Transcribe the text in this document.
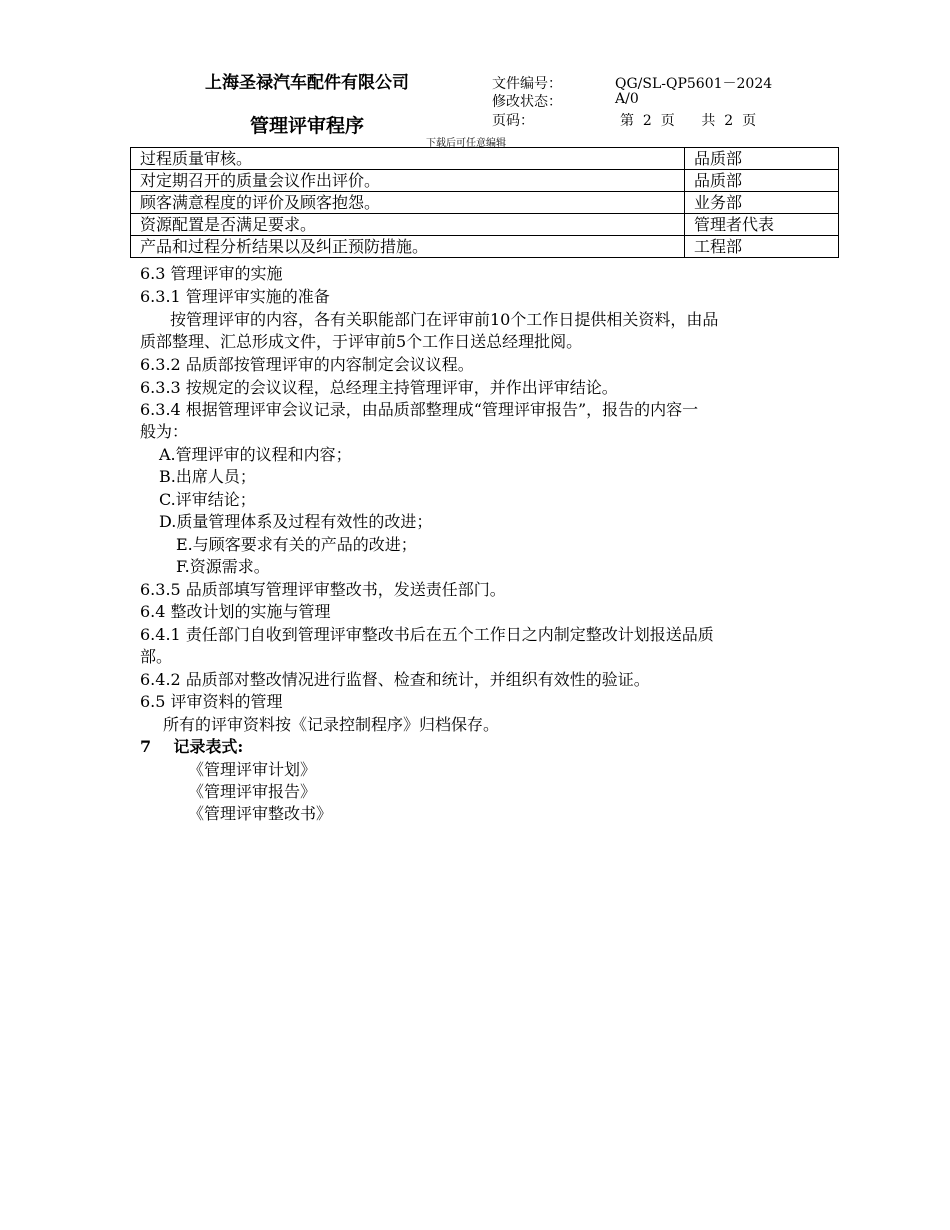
上海圣禄汽车配件有限公司
管理评审程序
文件编号：	QG/SL-QP5601－2024
修改状态：	A/0
页码：	第  2  页      共  2  页
下载后可任意编辑
过程质量审核。	品质部
对定期召开的质量会议作出评价。	品质部
顾客满意程度的评价及顾客抱怨。	业务部
资源配置是否满足要求。	管理者代表
产品和过程分析结果以及纠正预防措施。	工程部
6.3 管理评审的实施
6.3.1 管理评审实施的准备
按管理评审的内容，各有关职能部门在评审前10个工作日提供相关资料，由品
质部整理、汇总形成文件，于评审前5个工作日送总经理批阅。
6.3.2 品质部按管理评审的内容制定会议议程。
6.3.3 按规定的会议议程，总经理主持管理评审，并作出评审结论。
6.3.4 根据管理评审会议记录，由品质部整理成“管理评审报告”，报告的内容一
般为：
A.管理评审的议程和内容；
B.出席人员；
C.评审结论；
D.质量管理体系及过程有效性的改进；
E.与顾客要求有关的产品的改进；
F.资源需求。
6.3.5 品质部填写管理评审整改书，发送责任部门。
6.4 整改计划的实施与管理
6.4.1 责任部门自收到管理评审整改书后在五个工作日之内制定整改计划报送品质
部。
6.4.2 品质部对整改情况进行监督、检查和统计，并组织有效性的验证。
6.5 评审资料的管理
所有的评审资料按《记录控制程序》归档保存。
7    记录表式:
《管理评审计划》
《管理评审报告》
《管理评审整改书》
